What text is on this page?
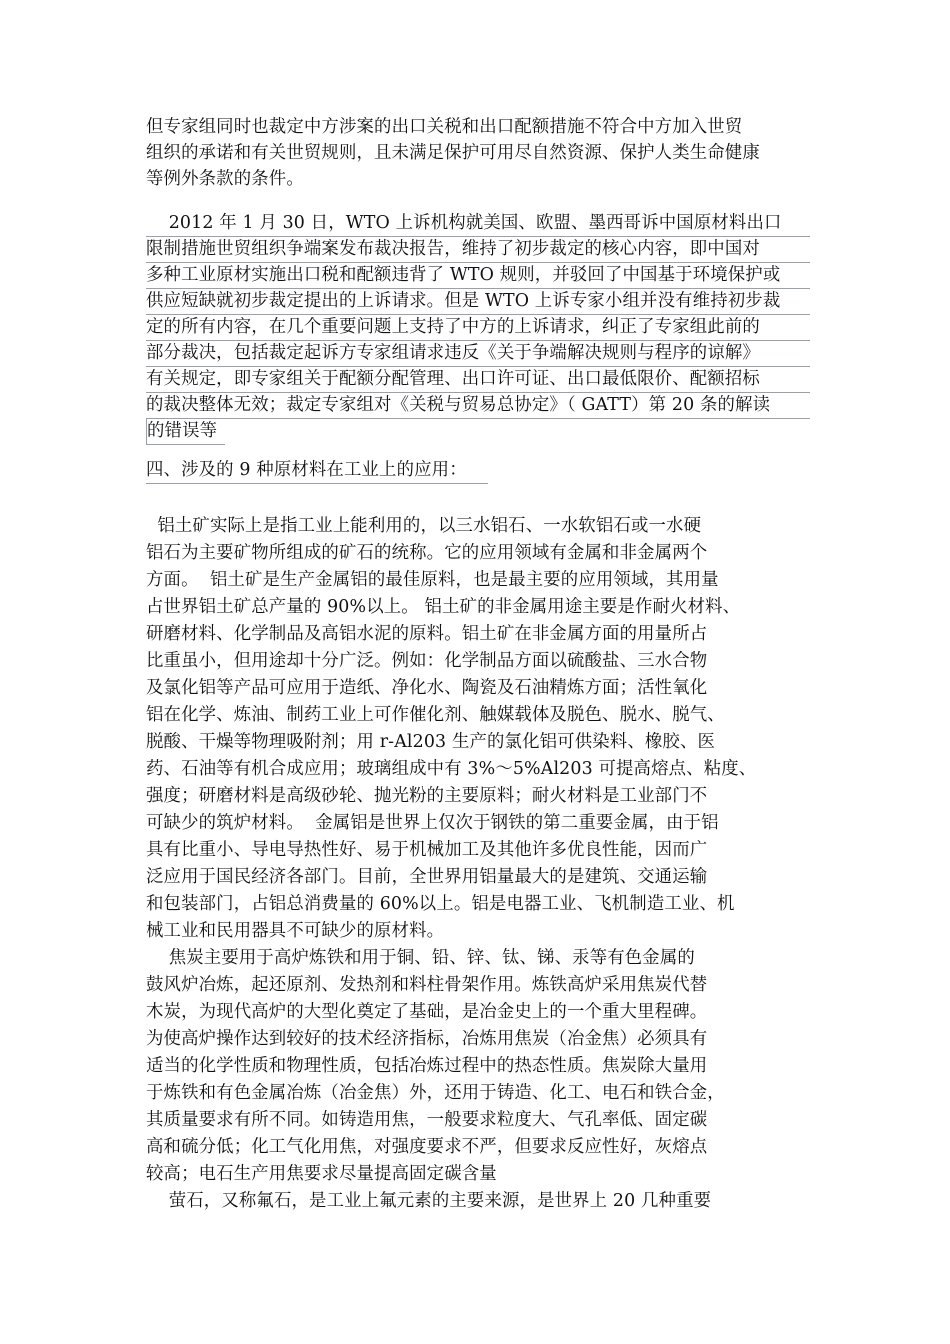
但专家组同时也裁定中方涉案的出口关税和出口配额措施不符合中方加入世贸
组织的承诺和有关世贸规则，且未满足保护可用尽自然资源、保护人类生命健康
等例外条款的条件。
2012 年 1 月 30 日，WTO 上诉机构就美国、欧盟、墨西哥诉中国原材料出口
限制措施世贸组织争端案发布裁决报告，维持了初步裁定的核心内容，即中国对
多种工业原材实施出口税和配额违背了 WTO 规则，并驳回了中国基于环境保护或
供应短缺就初步裁定提出的上诉请求。但是 WTO 上诉专家小组并没有维持初步裁
定的所有内容，在几个重要问题上支持了中方的上诉请求，纠正了专家组此前的
部分裁决，包括裁定起诉方专家组请求违反《关于争端解决规则与程序的谅解》
有关规定，即专家组关于配额分配管理、出口许可证、出口最低限价、配额招标
的裁决整体无效；裁定专家组对《关税与贸易总协定》（ GATT）第 20 条的解读
的错误等
四、涉及的 9 种原材料在工业上的应用：
铝土矿实际上是指工业上能利用的，以三水铝石、一水软铝石或一水硬
铝石为主要矿物所组成的矿石的统称。它的应用领域有金属和非金属两个
方面。  铝土矿是生产金属铝的最佳原料，也是最主要的应用领域，其用量
占世界铝土矿总产量的 90%以上。 铝土矿的非金属用途主要是作耐火材料、
研磨材料、化学制品及高铝水泥的原料。铝土矿在非金属方面的用量所占
比重虽小，但用途却十分广泛。例如：化学制品方面以硫酸盐、三水合物
及氯化铝等产品可应用于造纸、净化水、陶瓷及石油精炼方面；活性氧化
铝在化学、炼油、制药工业上可作催化剂、触媒载体及脱色、脱水、脱气、
脱酸、干燥等物理吸附剂；用 r-Al203 生产的氯化铝可供染料、橡胶、医
药、石油等有机合成应用；玻璃组成中有 3%～5%Al203 可提高熔点、粘度、
强度；研磨材料是高级砂轮、抛光粉的主要原料；耐火材料是工业部门不
可缺少的筑炉材料。  金属铝是世界上仅次于钢铁的第二重要金属，由于铝
具有比重小、导电导热性好、易于机械加工及其他许多优良性能，因而广
泛应用于国民经济各部门。目前，全世界用铝量最大的是建筑、交通运输
和包装部门，占铝总消费量的 60%以上。铝是电器工业、飞机制造工业、机
械工业和民用器具不可缺少的原材料。
焦炭主要用于高炉炼铁和用于铜、铅、锌、钛、锑、汞等有色金属的
鼓风炉冶炼，起还原剂、发热剂和料柱骨架作用。炼铁高炉采用焦炭代替
木炭，为现代高炉的大型化奠定了基础，是冶金史上的一个重大里程碑。
为使高炉操作达到较好的技术经济指标，冶炼用焦炭（冶金焦）必须具有
适当的化学性质和物理性质，包括冶炼过程中的热态性质。焦炭除大量用
于炼铁和有色金属冶炼（冶金焦）外，还用于铸造、化工、电石和铁合金，
其质量要求有所不同。如铸造用焦，一般要求粒度大、气孔率低、固定碳
高和硫分低；化工气化用焦，对强度要求不严，但要求反应性好，灰熔点
较高；电石生产用焦要求尽量提高固定碳含量
萤石，又称氟石，是工业上氟元素的主要来源，是世界上 20 几种重要
